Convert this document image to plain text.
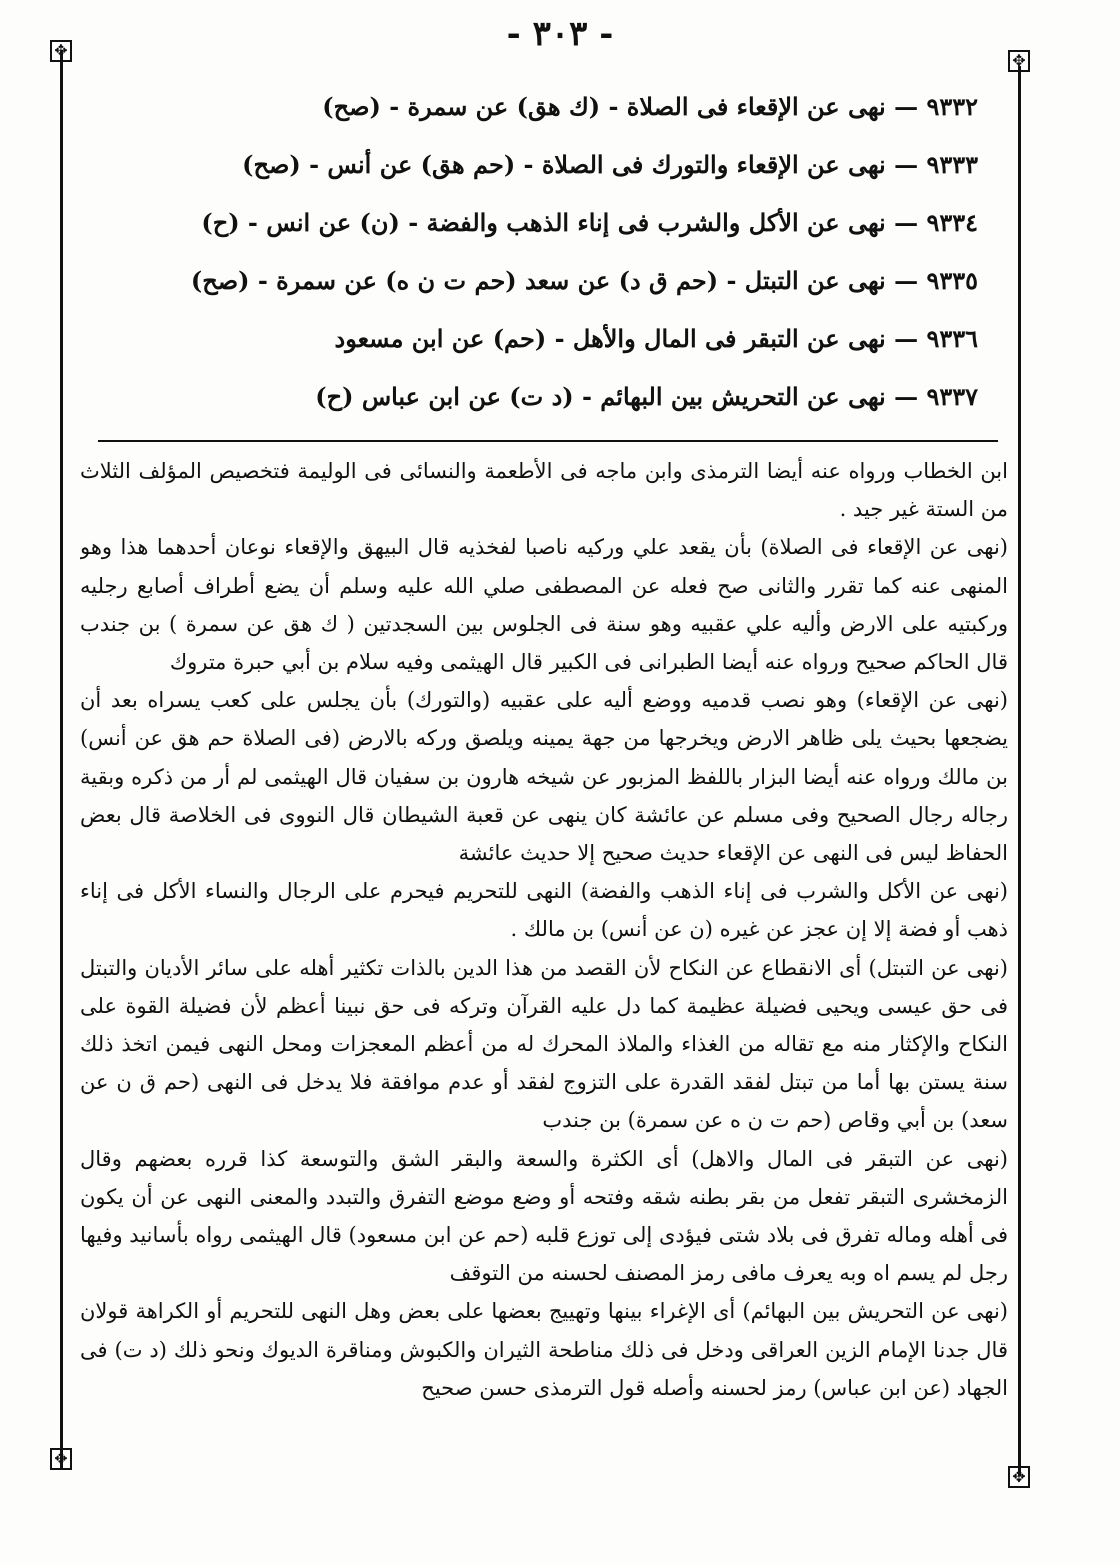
- ٣٠٣ -
✥
✥
✥
✥
٩٣٣٢ — نهى عن الإقعاء فى الصلاة - (ك هق) عن سمرة - (صح)
٩٣٣٣ — نهى عن الإقعاء والتورك فى الصلاة - (حم هق) عن أنس - (صح)
٩٣٣٤ — نهى عن الأكل والشرب فى إناء الذهب والفضة - (ن) عن انس - (ح)
٩٣٣٥ — نهى عن التبتل - (حم ق د) عن سعد (حم ت ن ه) عن سمرة - (صح)
٩٣٣٦ — نهى عن التبقر فى المال والأهل - (حم) عن ابن مسعود
٩٣٣٧ — نهى عن التحريش بين البهائم - (د ت) عن ابن عباس (ح)

ابن الخطاب ورواه عنه أيضا الترمذى وابن ماجه فى الأطعمة والنسائى فى الوليمة فتخصيص المؤلف الثلاث من الستة غير جيد .

(نهى عن الإقعاء فى الصلاة) بأن يقعد علي وركيه ناصبا لفخذيه قال البيهق والإقعاء نوعان أحدهما هذا وهو المنهى عنه كما تقرر والثانى صح فعله عن المصطفى صلي الله عليه وسلم أن يضع أطراف أصابع رجليه وركبتيه على الارض وأليه علي عقبيه وهو سنة فى الجلوس بين السجدتين ( ك هق عن سمرة ) بن جندب قال الحاكم صحيح ورواه عنه أيضا الطبرانى فى الكبير قال الهيثمى وفيه سلام بن أبي حبرة متروك

(نهى عن الإقعاء) وهو نصب قدميه ووضع أليه على عقبيه (والتورك) بأن يجلس على كعب يسراه بعد أن يضجعها بحيث يلى ظاهر الارض ويخرجها من جهة يمينه ويلصق وركه بالارض (فى الصلاة حم هق عن أنس) بن مالك ورواه عنه أيضا البزار باللفظ المزبور عن شيخه هارون بن سفيان قال الهيثمى لم أر من ذكره وبقية رجاله رجال الصحيح وفى مسلم عن عائشة كان ينهى عن قعبة الشيطان قال النووى فى الخلاصة قال بعض الحفاظ ليس فى النهى عن الإقعاء حديث صحيح إلا حديث عائشة

(نهى عن الأكل والشرب فى إناء الذهب والفضة) النهى للتحريم فيحرم على الرجال والنساء الأكل فى إناء ذهب أو فضة إلا إن عجز عن غيره (ن عن أنس) بن مالك .

(نهى عن التبتل) أى الانقطاع عن النكاح لأن القصد من هذا الدين بالذات تكثير أهله على سائر الأديان والتبتل فى حق عيسى ويحيى فضيلة عظيمة كما دل عليه القرآن وتركه فى حق نبينا أعظم لأن فضيلة القوة على النكاح والإكثار منه مع تقاله من الغذاء والملاذ المحرك له من أعظم المعجزات ومحل النهى فيمن اتخذ ذلك سنة يستن بها أما من تبتل لفقد القدرة على التزوج لفقد أو عدم موافقة فلا يدخل فى النهى (حم ق ن عن سعد) بن أبي وقاص (حم ت ن ه عن سمرة) بن جندب

(نهى عن التبقر فى المال والاهل) أى الكثرة والسعة والبقر الشق والتوسعة كذا قرره بعضهم وقال الزمخشرى التبقر تفعل من بقر بطنه شقه وفتحه أو وضع موضع التفرق والتبدد والمعنى النهى عن أن يكون فى أهله وماله تفرق فى بلاد شتى فيؤدى إلى توزع قلبه (حم عن ابن مسعود) قال الهيثمى رواه بأسانيد وفيها رجل لم يسم اه وبه يعرف مافى رمز المصنف لحسنه من التوقف

(نهى عن التحريش بين البهائم) أى الإغراء بينها وتهييج بعضها على بعض وهل النهى للتحريم أو الكراهة قولان قال جدنا الإمام الزين العراقى ودخل فى ذلك مناطحة الثيران والكبوش ومناقرة الديوك ونحو ذلك (د ت) فى الجهاد (عن ابن عباس) رمز لحسنه وأصله قول الترمذى حسن صحيح
